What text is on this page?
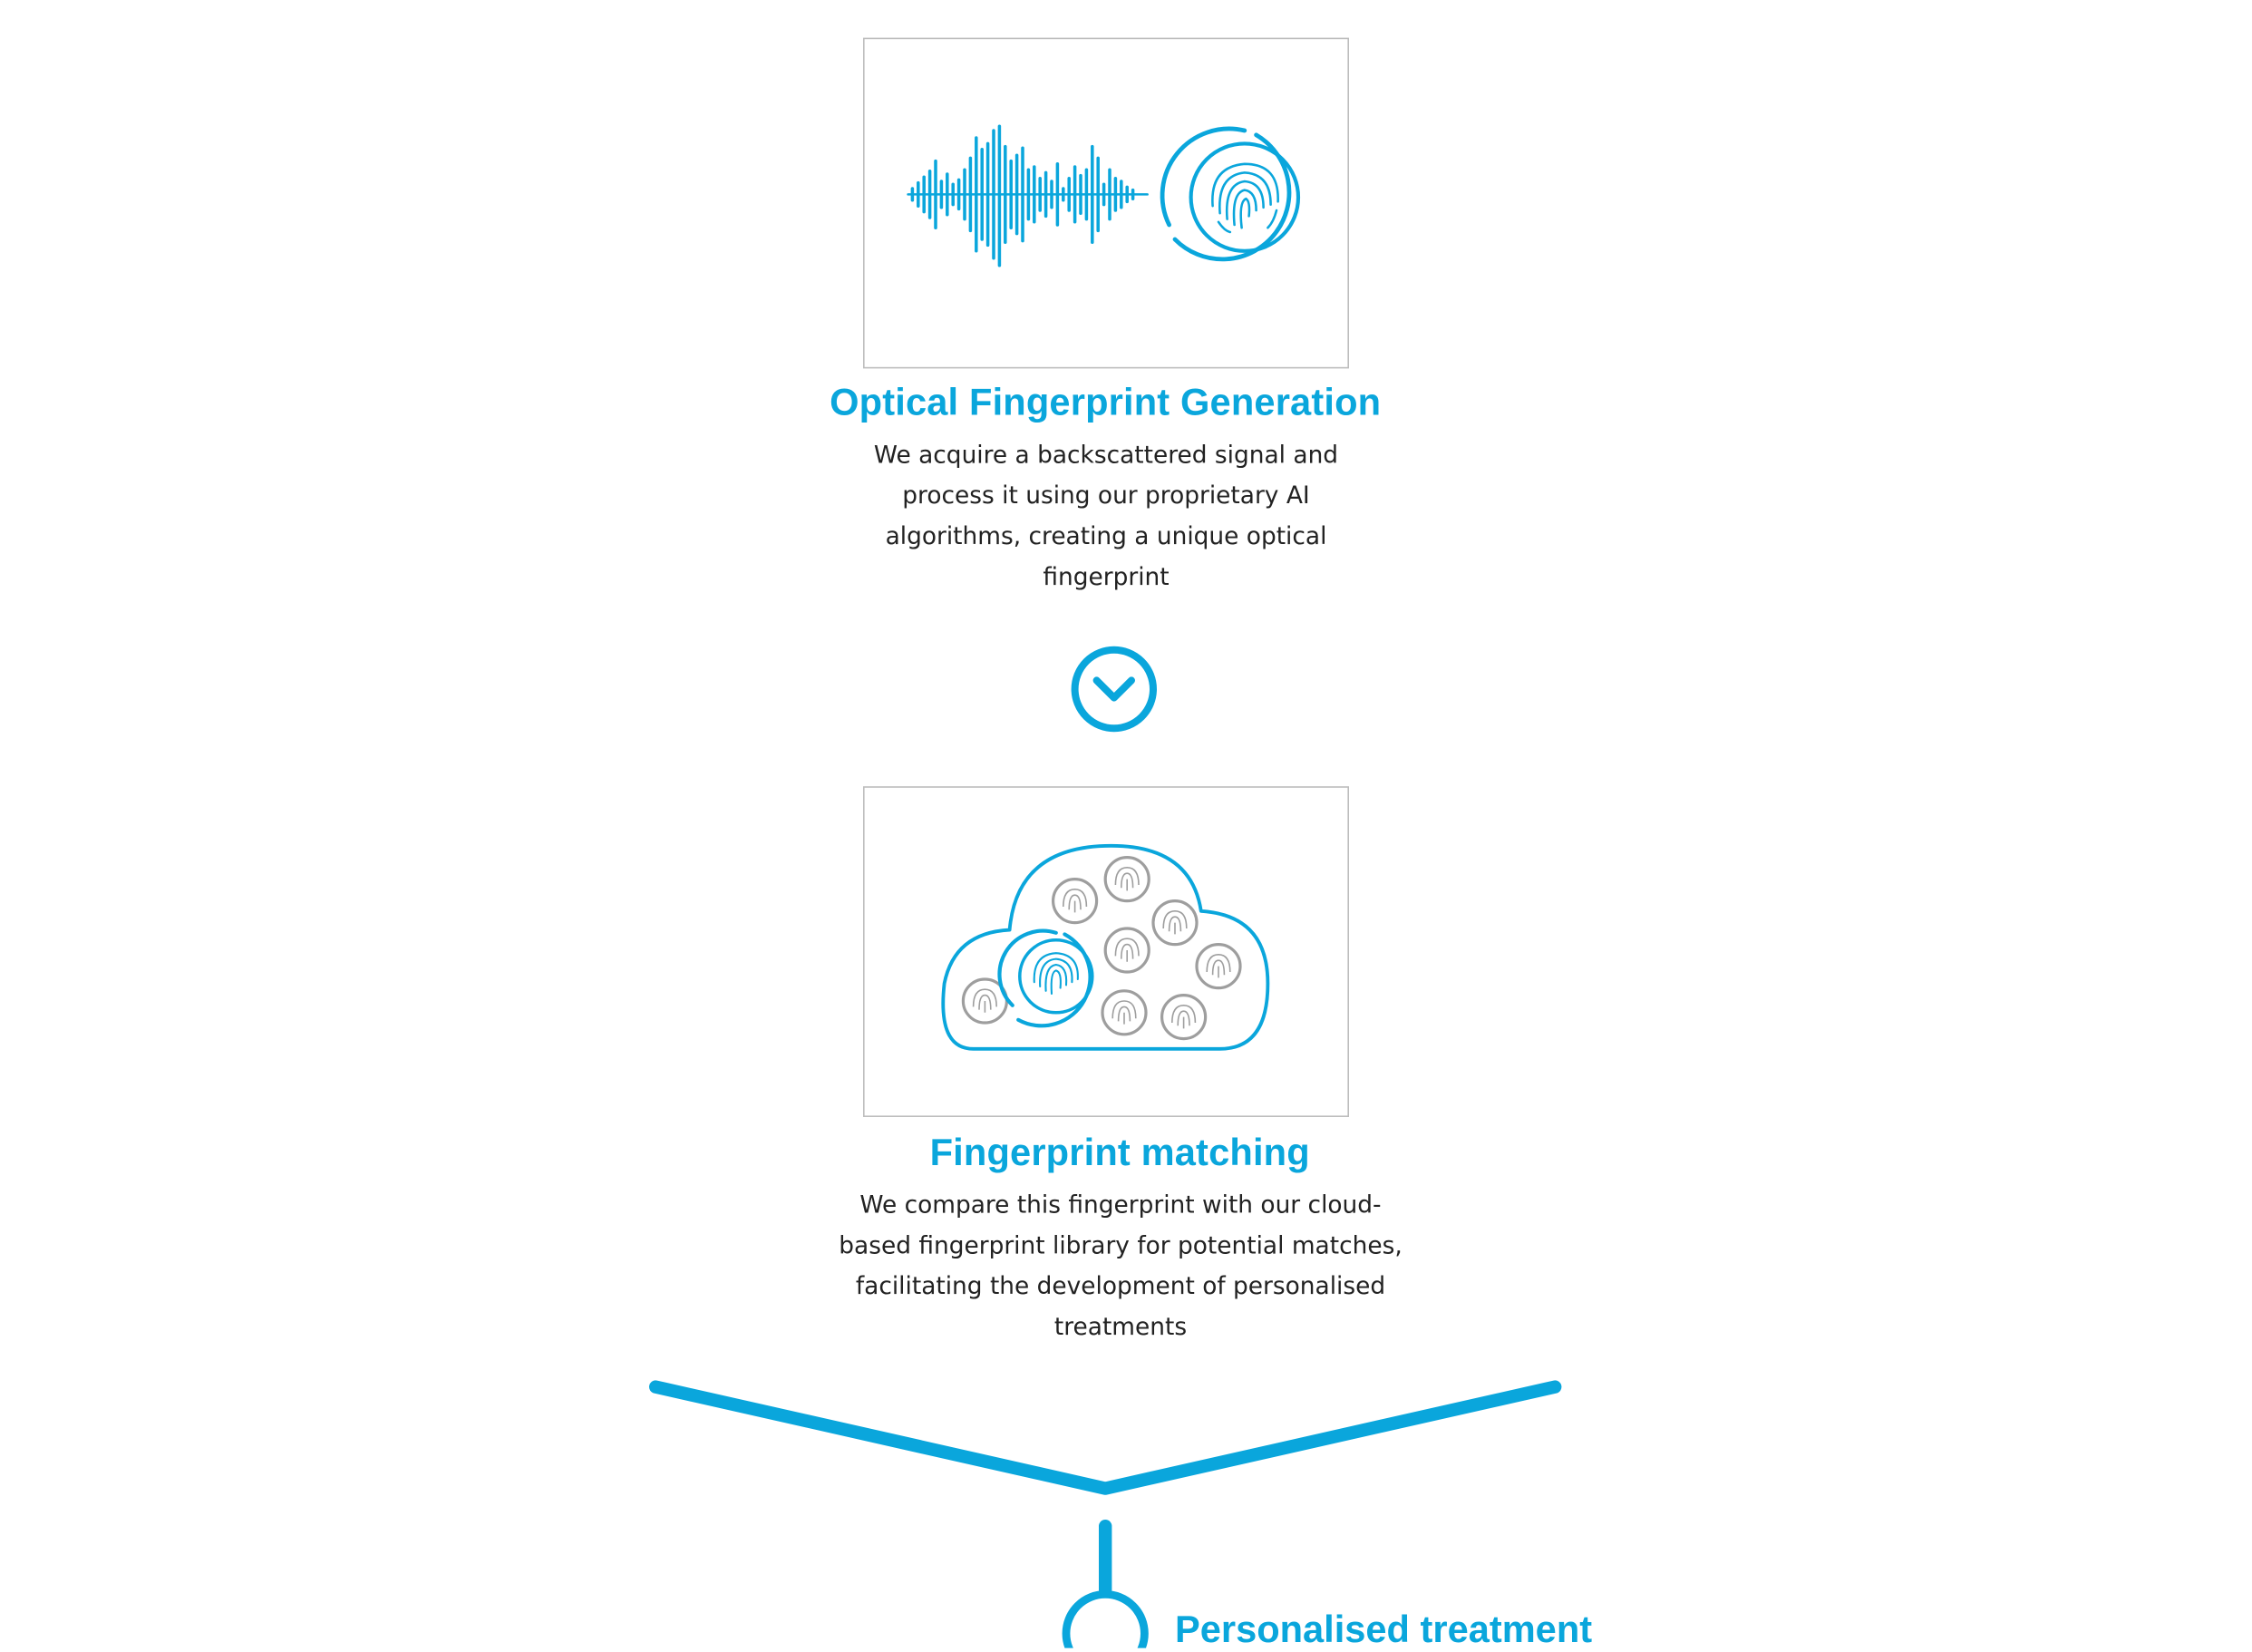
Optical Fingerprint Generation

We acquire a backscattered signal and process it using our proprietary AI algorithms, creating a unique optical fingerprint

Fingerprint matching

We compare this fingerprint with our cloud-based fingerprint library for potential matches, facilitating the development of personalised treatments

Personalised treatment
